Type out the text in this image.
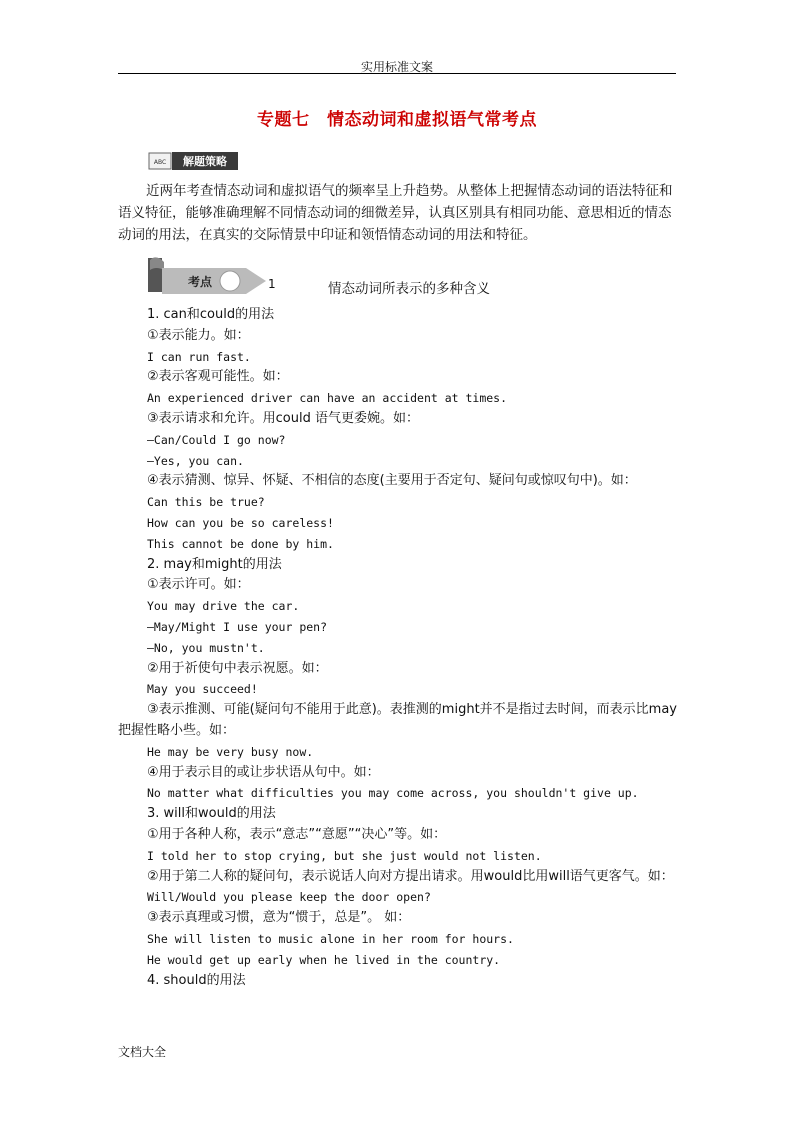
实用标准文案
专题七　情态动词和虚拟语气常考点
ABC 解题策略
近两年考查情态动词和虚拟语气的频率呈上升趋势。从整体上把握情态动词的语法特征和语义特征，能够准确理解不同情态动词的细微差异，认真区别具有相同功能、意思相近的情态动词的用法，在真实的交际情景中印证和领悟情态动词的用法和特征。
考点	1	情态动词所表示的多种含义
1. can和could的用法
①表示能力。如：
I can run fast.
②表示客观可能性。如：
An experienced driver can have an accident at times.
③表示请求和允许。用could 语气更委婉。如：
—Can/Could I go now?
—Yes, you can.
④表示猜测、惊异、怀疑、不相信的态度(主要用于否定句、疑问句或惊叹句中)。如：
Can this be true?
How can you be so careless!
This cannot be done by him.
2. may和might的用法
①表示许可。如：
You may drive the car.
—May/Might I use your pen?
—No, you mustn't.
②用于祈使句中表示祝愿。如：
May you succeed!
③表示推测、可能(疑问句不能用于此意)。表推测的might并不是指过去时间，而表示比may把握性略小些。如：
He may be very busy now.
④用于表示目的或让步状语从句中。如：
No matter what difficulties you may come across, you shouldn't give up.
3. will和would的用法
①用于各种人称，表示“意志”“意愿”“决心”等。如：
I told her to stop crying, but she just would not listen.
②用于第二人称的疑问句，表示说话人向对方提出请求。用would比用will语气更客气。如：
Will/Would you please keep the door open?
③表示真理或习惯，意为“惯于，总是”。 如：
She will listen to music alone in her room for hours.
He would get up early when he lived in the country.
4. should的用法
文档大全
